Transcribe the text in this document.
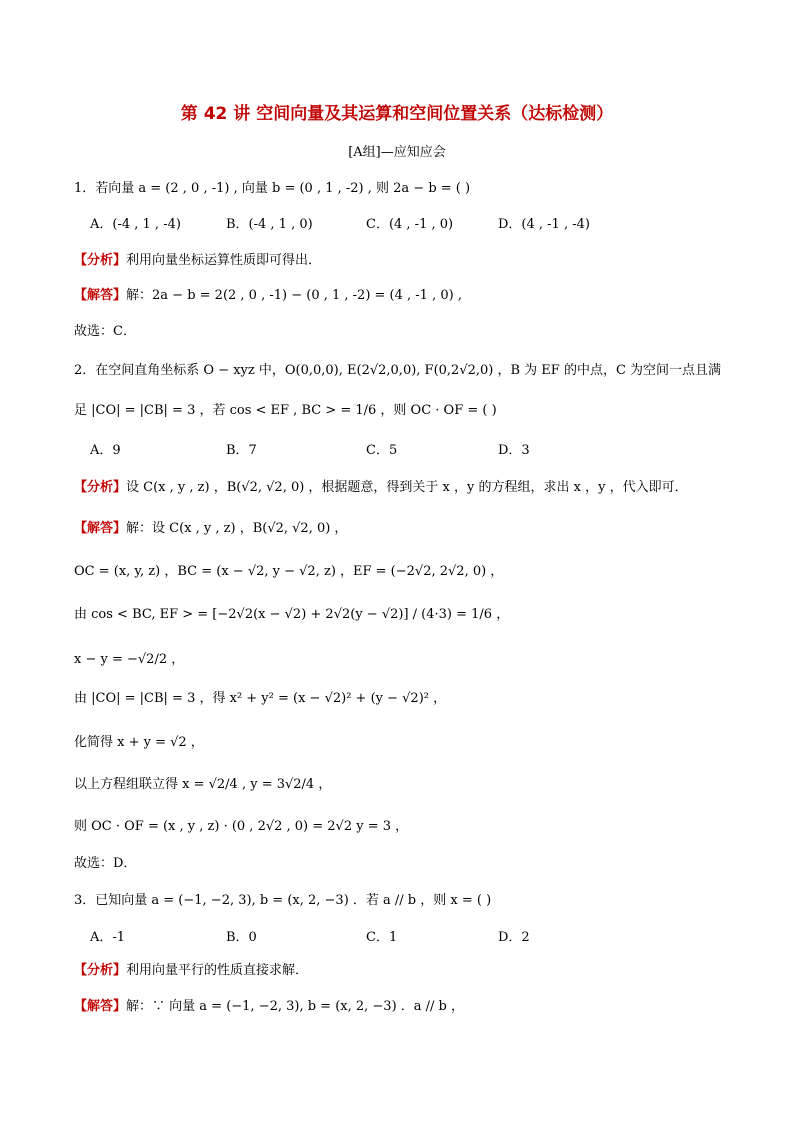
第 42 讲 空间向量及其运算和空间位置关系（达标检测）
[A组]—应知应会
1．若向量 a = (2 , 0 , -1) , 向量 b = (0 , 1 , -2) , 则 2a − b = ( )
A．(-4 , 1 , -4)	B．(-4 , 1 , 0)	C．(4 , -1 , 0)	D．(4 , -1 , -4)
【分析】利用向量坐标运算性质即可得出．
【解答】解：2a − b = 2(2 , 0 , -1) − (0 , 1 , -2) = (4 , -1 , 0) ,
故选：C．
2．在空间直角坐标系 O − xyz 中，O(0,0,0), E(2√2,0,0), F(0,2√2,0) ，B 为 EF 的中点，C 为空间一点且满
足 |CO| = |CB| = 3 ，若 cos < EF , BC > = 1/6 ，则 OC · OF = ( )
A．9	B．7	C．5	D．3
【分析】设 C(x , y , z) ，B(√2, √2, 0) ，根据题意，得到关于 x ，y 的方程组，求出 x ，y ，代入即可．
【解答】解：设 C(x , y , z) ，B(√2, √2, 0) ，
OC = (x, y, z) ，BC = (x − √2, y − √2, z) ，EF = (−2√2, 2√2, 0) ，
由 cos < BC, EF > = [−2√2(x − √2) + 2√2(y − √2)] / (4·3) = 1/6 ，
x − y = −√2/2 ，
由 |CO| = |CB| = 3 ，得 x² + y² = (x − √2)² + (y − √2)² ，
化简得 x + y = √2 ，
以上方程组联立得 x = √2/4 , y = 3√2/4 ，
则 OC · OF = (x , y , z) · (0 , 2√2 , 0) = 2√2 y = 3 ，
故选：D．
3．已知向量 a = (−1, −2, 3), b = (x, 2, −3) ．若 a // b ，则 x = ( )
A．-1	B．0	C．1	D．2
【分析】利用向量平行的性质直接求解．
【解答】解：∵ 向量 a = (−1, −2, 3), b = (x, 2, −3) ．a // b ，
